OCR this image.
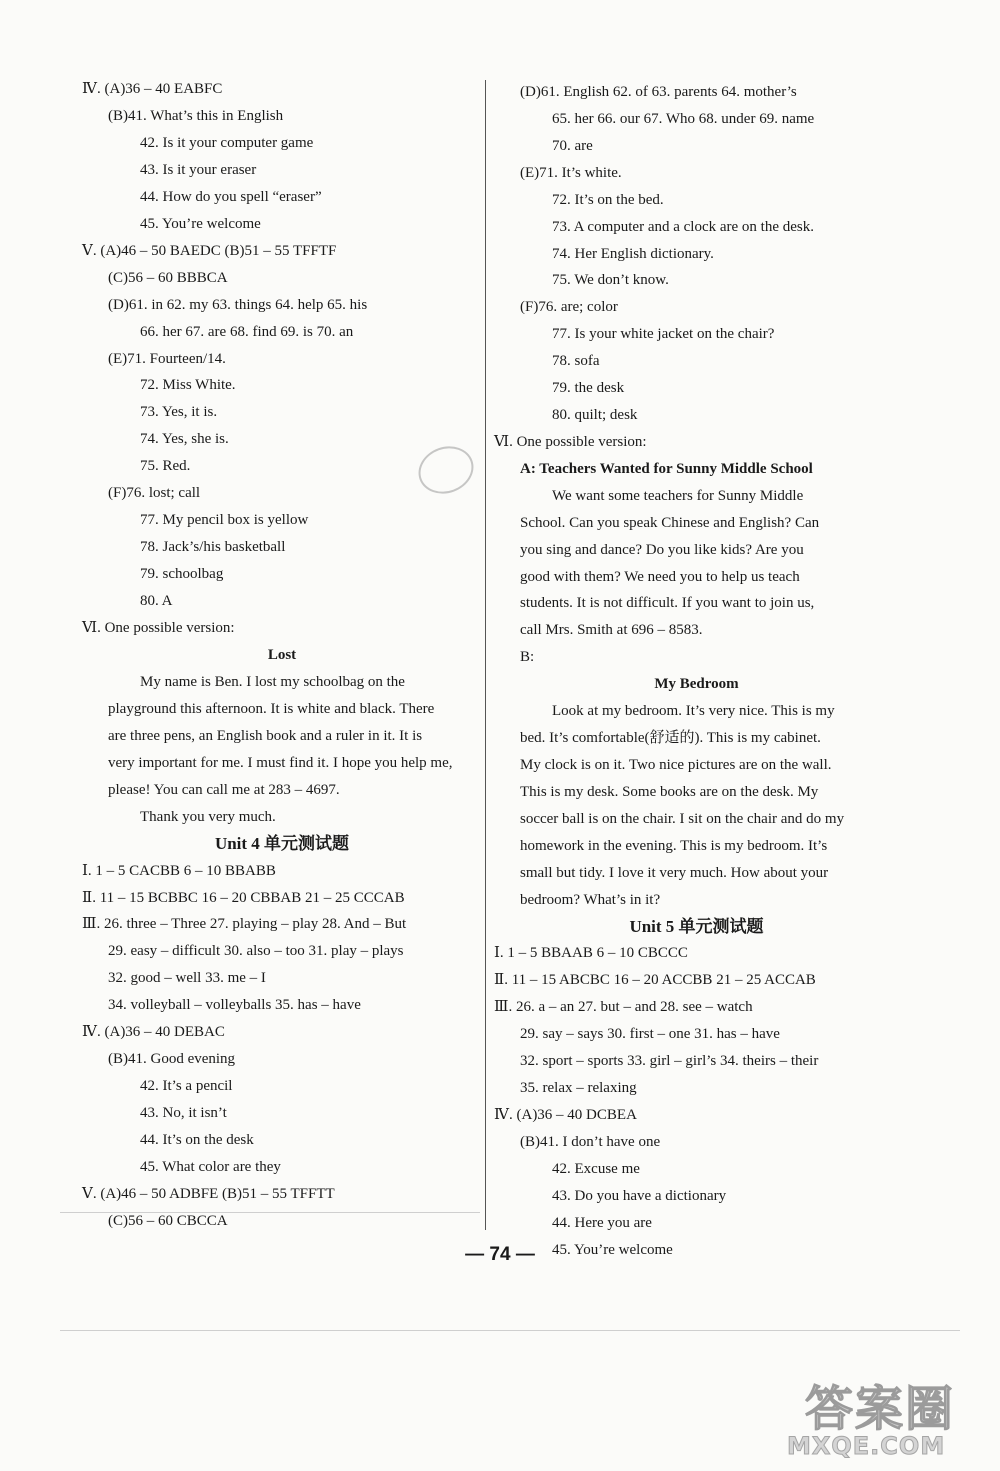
Ⅳ. (A)36 – 40 EABFC
(B)41. What’s this in English
42. Is it your computer game
43. Is it your eraser
44. How do you spell “eraser”
45. You’re welcome
Ⅴ. (A)46 – 50 BAEDC (B)51 – 55 TFFTF
(C)56 – 60 BBBCA
(D)61. in 62. my 63. things 64. help 65. his
66. her 67. are 68. find 69. is 70. an
(E)71. Fourteen/14.
72. Miss White.
73. Yes, it is.
74. Yes, she is.
75. Red.
(F)76. lost; call
77. My pencil box is yellow
78. Jack’s/his basketball
79. schoolbag
80. A
Ⅵ. One possible version:
Lost
My name is Ben. I lost my schoolbag on the
playground this afternoon. It is white and black. There
are three pens, an English book and a ruler in it. It is
very important for me. I must find it. I hope you help me,
please! You can call me at 283 – 4697.
Thank you very much.
Unit 4 单元测试题
Ⅰ. 1 – 5 CACBB 6 – 10 BBABB
Ⅱ. 11 – 15 BCBBC 16 – 20 CBBAB 21 – 25 CCCAB
Ⅲ. 26. three – Three 27. playing – play 28. And – But
29. easy – difficult 30. also – too 31. play – plays
32. good – well 33. me – I
34. volleyball – volleyballs 35. has – have
Ⅳ. (A)36 – 40 DEBAC
(B)41. Good evening
42. It’s a pencil
43. No, it isn’t
44. It’s on the desk
45. What color are they
Ⅴ. (A)46 – 50 ADBFE (B)51 – 55 TFFTT
(C)56 – 60 CBCCA
(D)61. English 62. of 63. parents 64. mother’s
65. her 66. our 67. Who 68. under 69. name
70. are
(E)71. It’s white.
72. It’s on the bed.
73. A computer and a clock are on the desk.
74. Her English dictionary.
75. We don’t know.
(F)76. are; color
77. Is your white jacket on the chair?
78. sofa
79. the desk
80. quilt; desk
Ⅵ. One possible version:
A: Teachers Wanted for Sunny Middle School
We want some teachers for Sunny Middle
School. Can you speak Chinese and English? Can
you sing and dance? Do you like kids? Are you
good with them? We need you to help us teach
students. It is not difficult. If you want to join us,
call Mrs. Smith at 696 – 8583.
B:
My Bedroom
Look at my bedroom. It’s very nice. This is my
bed. It’s comfortable(舒适的). This is my cabinet.
My clock is on it. Two nice pictures are on the wall.
This is my desk. Some books are on the desk. My
soccer ball is on the chair. I sit on the chair and do my
homework in the evening. This is my bedroom. It’s
small but tidy. I love it very much. How about your
bedroom? What’s in it?
Unit 5 单元测试题
Ⅰ. 1 – 5 BBAAB 6 – 10 CBCCC
Ⅱ. 11 – 15 ABCBC 16 – 20 ACCBB 21 – 25 ACCAB
Ⅲ. 26. a – an 27. but – and 28. see – watch
29. say – says 30. first – one 31. has – have
32. sport – sports 33. girl – girl’s 34. theirs – their
35. relax – relaxing
Ⅳ. (A)36 – 40 DCBEA
(B)41. I don’t have one
42. Excuse me
43. Do you have a dictionary
44. Here you are
45. You’re welcome
— 74 —
答案圈
MXQE.COM
